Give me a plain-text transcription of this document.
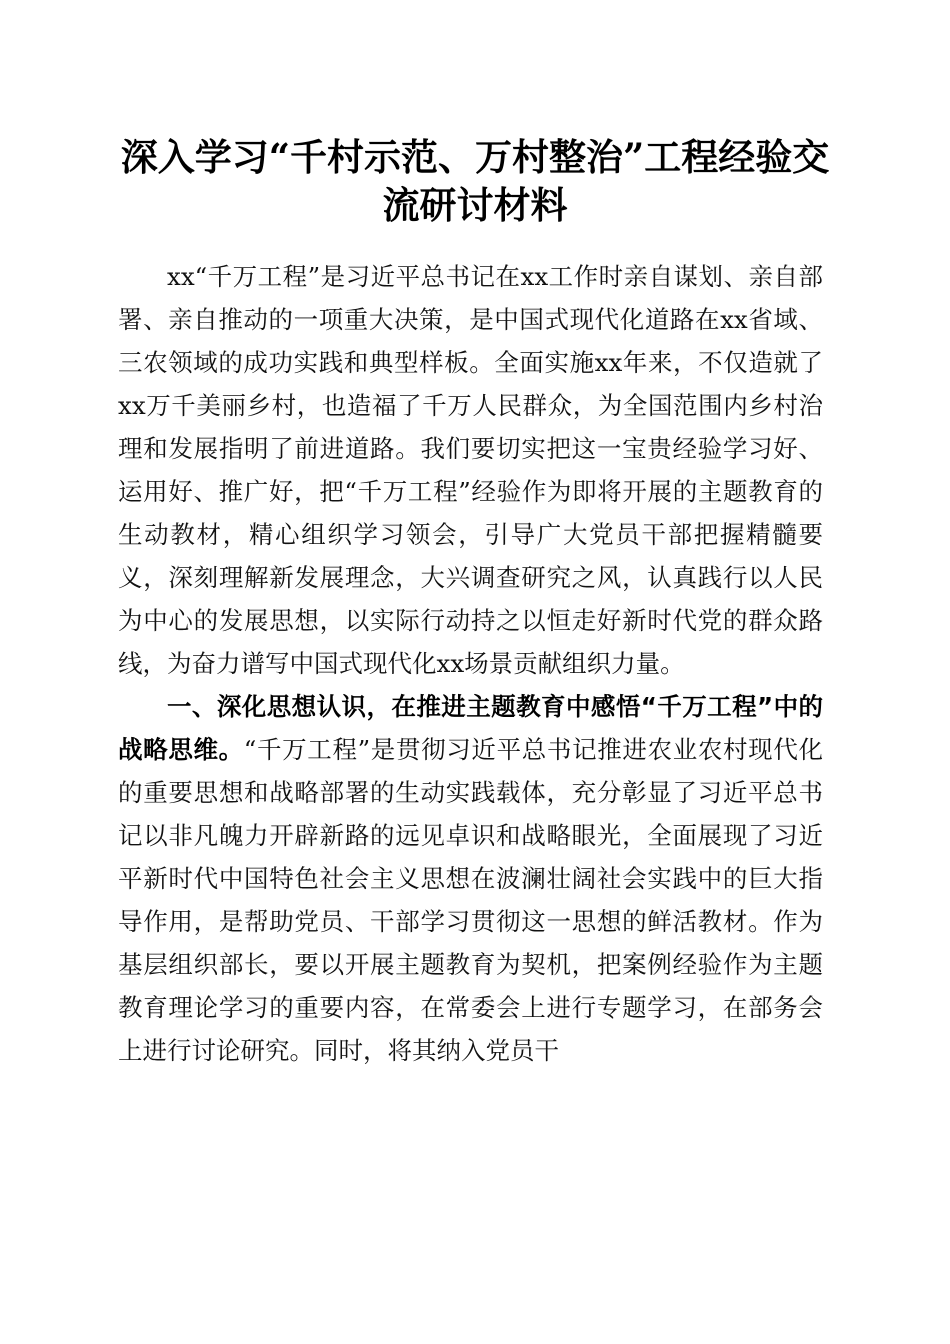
深入学习“千村示范、万村整治”工程经验交
流研讨材料

xx“千万工程”是习近平总书记在xx工作时亲自谋划、亲自部署、亲自推动的一项重大决策，是中国式现代化道路在xx省域、三农领域的成功实践和典型样板。全面实施xx年来，不仅造就了xx万千美丽乡村，也造福了千万人民群众，为全国范围内乡村治理和发展指明了前进道路。我们要切实把这一宝贵经验学习好、运用好、推广好，把“千万工程”经验作为即将开展的主题教育的生动教材，精心组织学习领会，引导广大党员干部把握精髓要义，深刻理解新发展理念，大兴调查研究之风，认真践行以人民为中心的发展思想，以实际行动持之以恒走好新时代党的群众路线，为奋力谱写中国式现代化xx场景贡献组织力量。

一、深化思想认识，在推进主题教育中感悟“千万工程”中的战略思维。“千万工程”是贯彻习近平总书记推进农业农村现代化的重要思想和战略部署的生动实践载体，充分彰显了习近平总书记以非凡魄力开辟新路的远见卓识和战略眼光，全面展现了习近平新时代中国特色社会主义思想在波澜壮阔社会实践中的巨大指导作用，是帮助党员、干部学习贯彻这一思想的鲜活教材。作为基层组织部长，要以开展主题教育为契机，把案例经验作为主题教育理论学习的重要内容，在常委会上进行专题学习，在部务会上进行讨论研究。同时，将其纳入党员干
